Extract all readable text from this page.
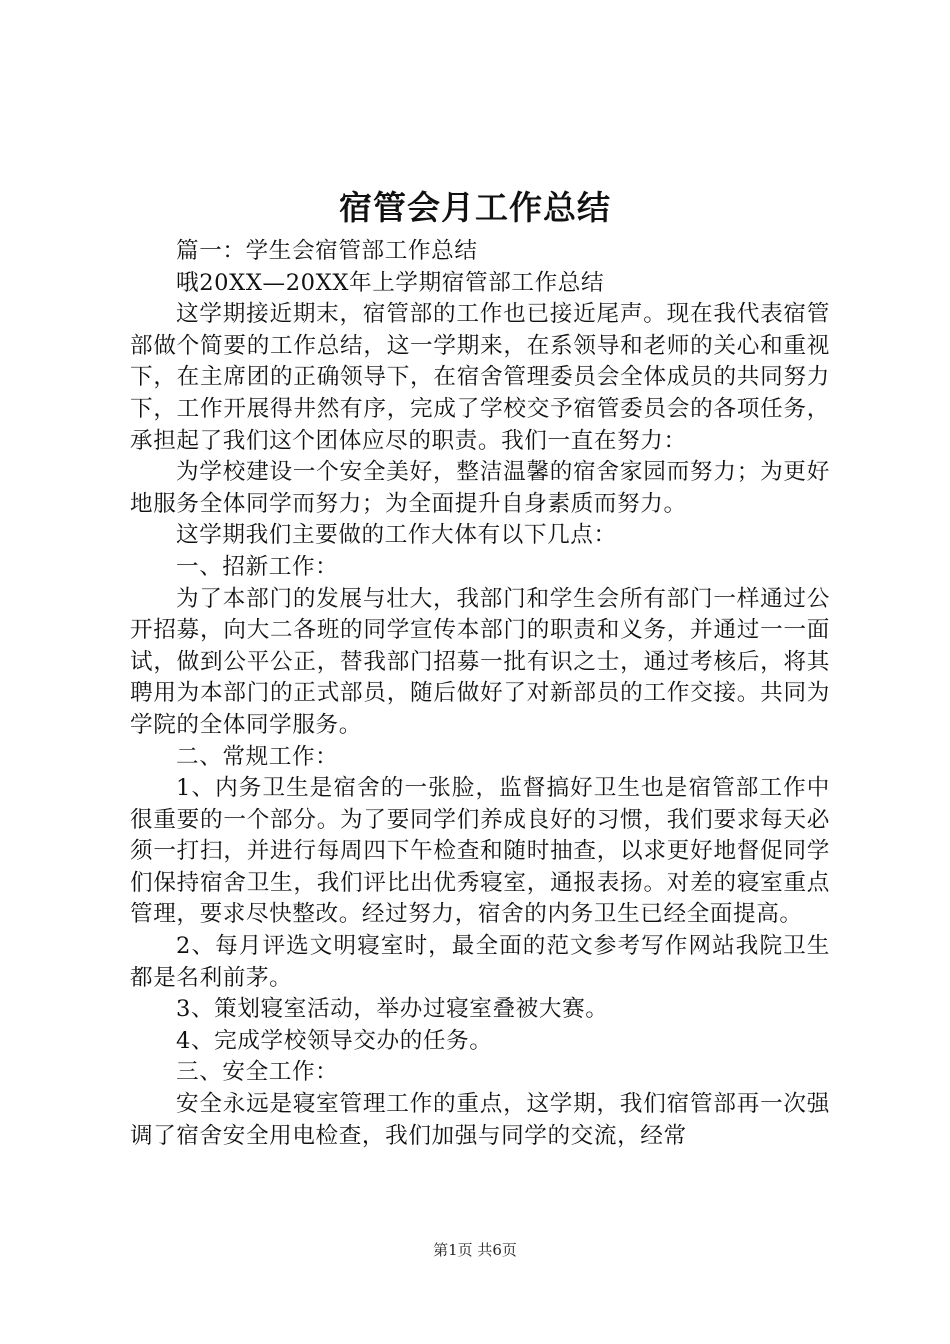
宿管会月工作总结

篇一：学生会宿管部工作总结

哦20XX—20XX年上学期宿管部工作总结

这学期接近期末，宿管部的工作也已接近尾声。现在我代表宿管部做个简要的工作总结，这一学期来，在系领导和老师的关心和重视下，在主席团的正确领导下，在宿舍管理委员会全体成员的共同努力下，工作开展得井然有序，完成了学校交予宿管委员会的各项任务，承担起了我们这个团体应尽的职责。我们一直在努力：

为学校建设一个安全美好，整洁温馨的宿舍家园而努力；为更好地服务全体同学而努力；为全面提升自身素质而努力。

这学期我们主要做的工作大体有以下几点：

一、招新工作：

为了本部门的发展与壮大，我部门和学生会所有部门一样通过公开招募，向大二各班的同学宣传本部门的职责和义务，并通过一一面试，做到公平公正，替我部门招募一批有识之士，通过考核后，将其聘用为本部门的正式部员，随后做好了对新部员的工作交接。共同为学院的全体同学服务。

二、常规工作：

1、内务卫生是宿舍的一张脸，监督搞好卫生也是宿管部工作中很重要的一个部分。为了要同学们养成良好的习惯，我们要求每天必须一打扫，并进行每周四下午检查和随时抽查，以求更好地督促同学们保持宿舍卫生，我们评比出优秀寝室，通报表扬。对差的寝室重点管理，要求尽快整改。经过努力，宿舍的内务卫生已经全面提高。

2、每月评选文明寝室时，最全面的范文参考写作网站我院卫生都是名利前茅。

3、策划寝室活动，举办过寝室叠被大赛。

4、完成学校领导交办的任务。

三、安全工作：

安全永远是寝室管理工作的重点，这学期，我们宿管部再一次强调了宿舍安全用电检查，我们加强与同学的交流，经常

第1页 共6页
